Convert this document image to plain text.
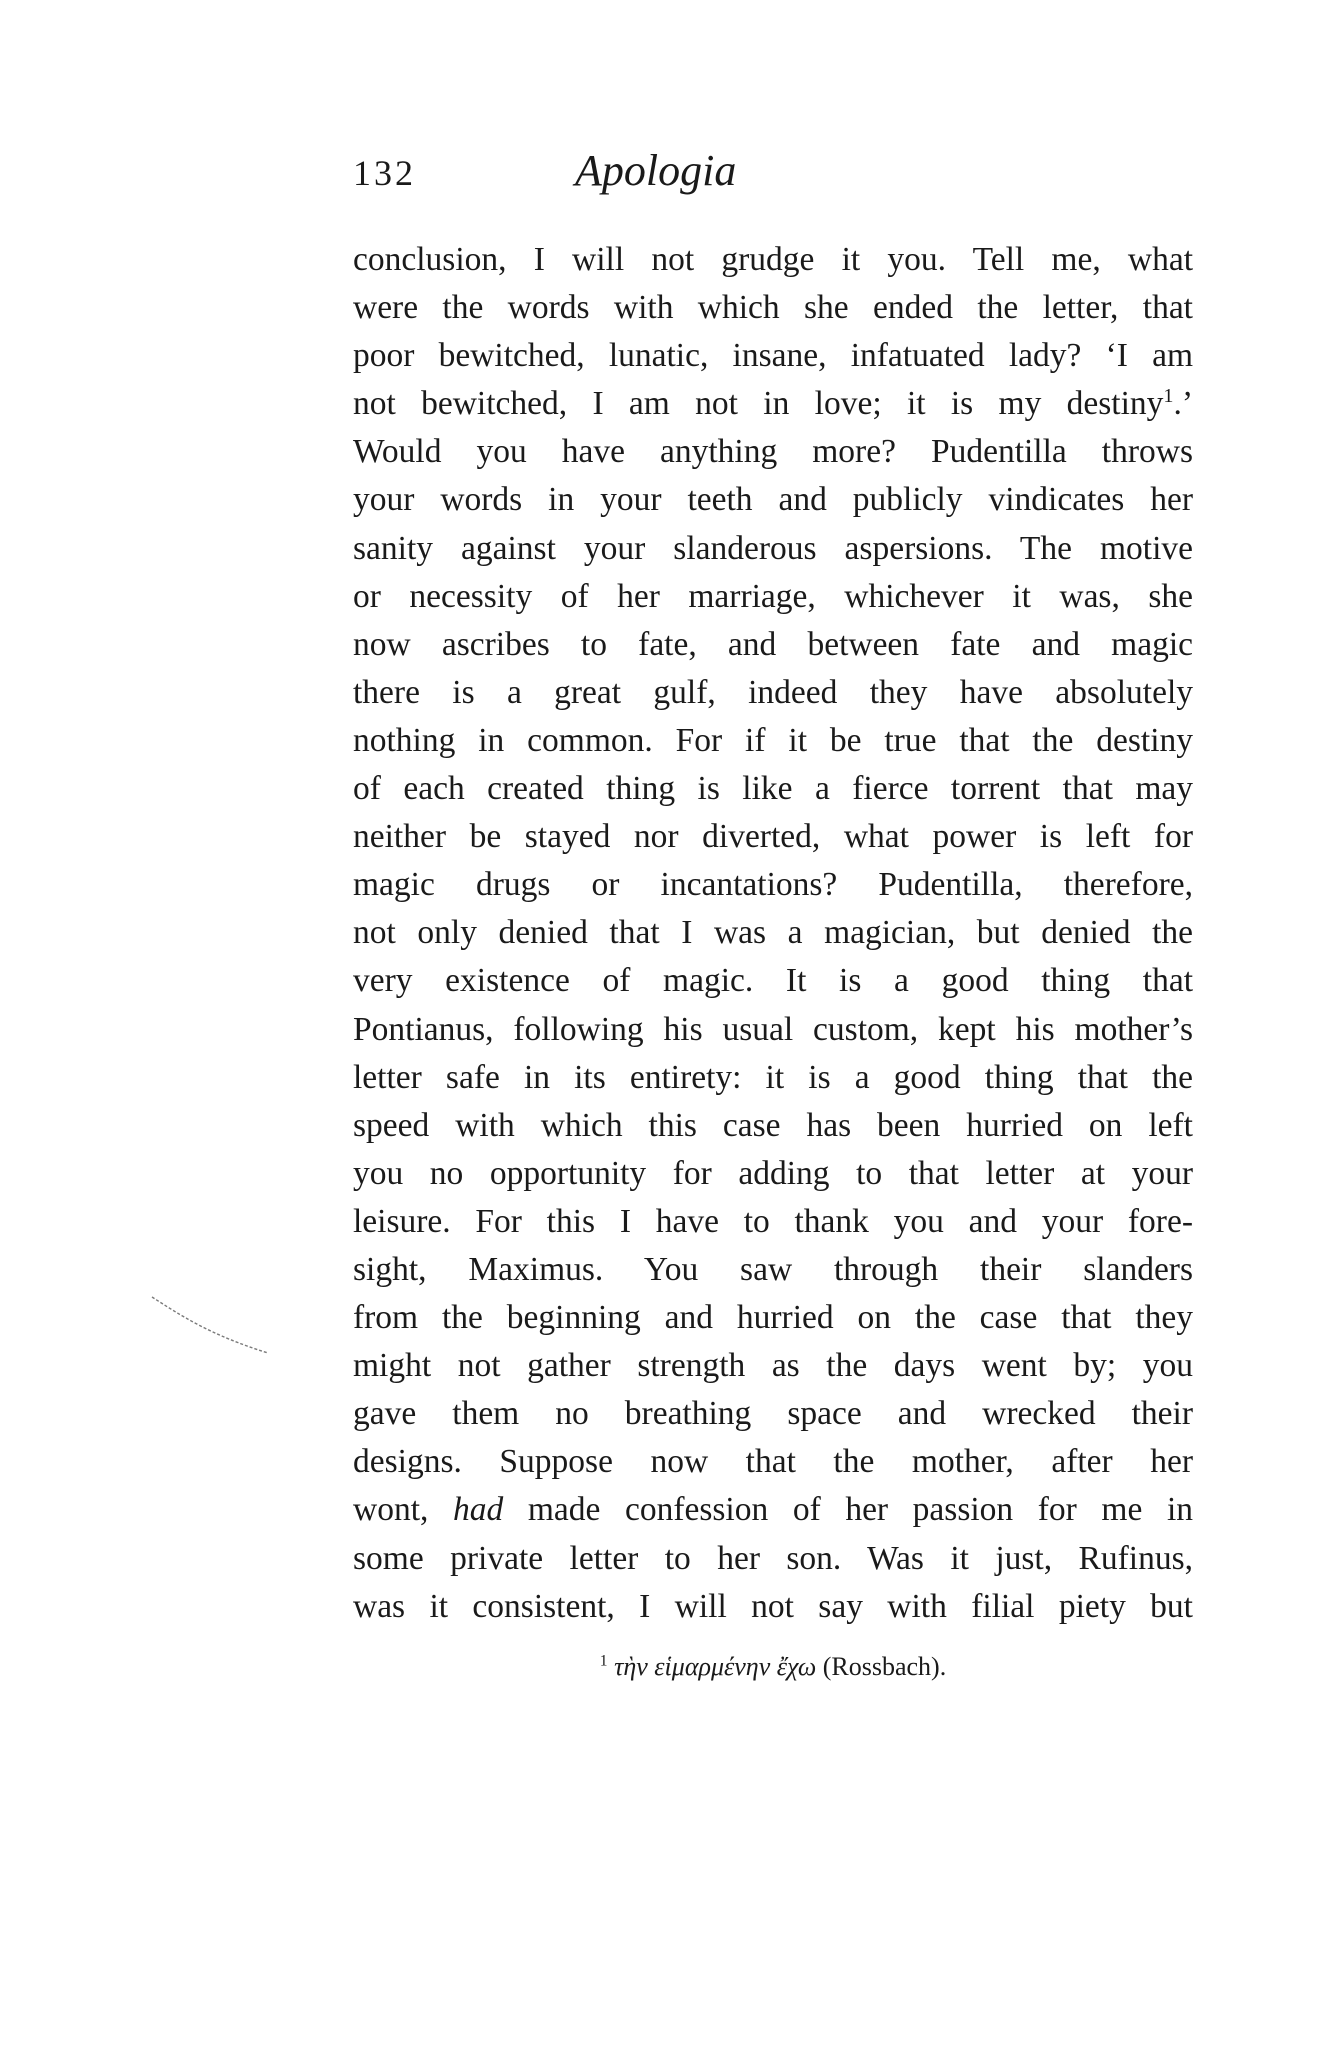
132	Apologia
conclusion, I will not grudge it you. Tell me, what
were the words with which she ended the letter, that
poor bewitched, lunatic, insane, infatuated lady? ‘I am
not bewitched, I am not in love; it is my destiny$^1$.’
Would you have anything more? Pudentilla throws
your words in your teeth and publicly vindicates her
sanity against your slanderous aspersions. The motive
or necessity of her marriage, whichever it was, she
now ascribes to fate, and between fate and magic
there is a great gulf, indeed they have absolutely
nothing in common. For if it be true that the destiny
of each created thing is like a fierce torrent that may
neither be stayed nor diverted, what power is left for
magic drugs or incantations? Pudentilla, therefore,
not only denied that I was a magician, but denied the
very existence of magic. It is a good thing that
Pontianus, following his usual custom, kept his mother’s
letter safe in its entirety: it is a good thing that the
speed with which this case has been hurried on left
you no opportunity for adding to that letter at your
leisure. For this I have to thank you and your fore-
sight, Maximus. You saw through their slanders
from the beginning and hurried on the case that they
might not gather strength as the days went by; you
gave them no breathing space and wrecked their
designs. Suppose now that the mother, after her
wont, had made confession of her passion for me in
some private letter to her son. Was it just, Rufinus,
was it consistent, I will not say with filial piety but
$^1$ τὴν εἱμαρμένην ἔχω (Rossbach).
